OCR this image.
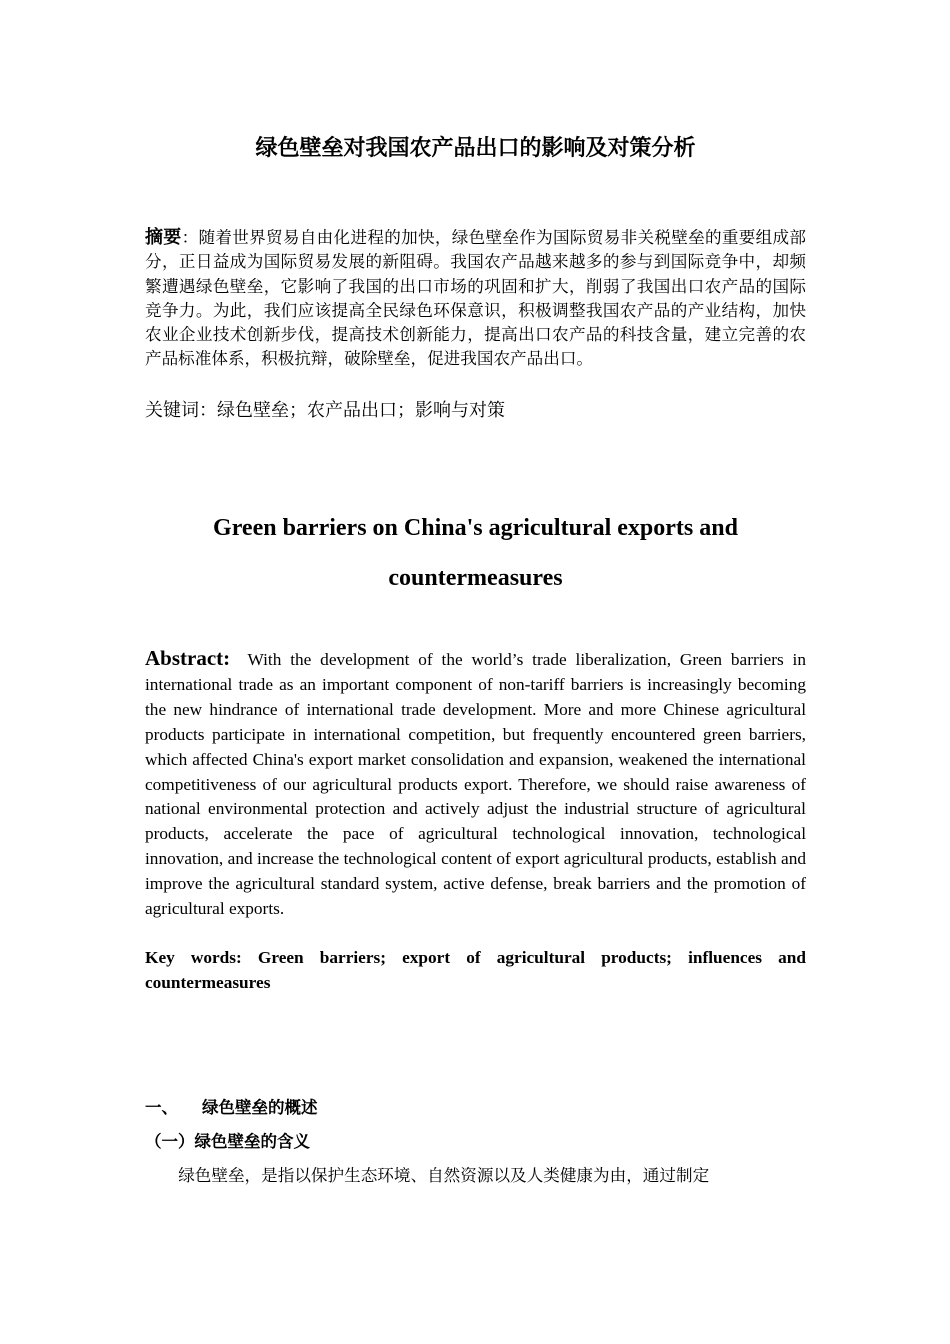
绿色壁垒对我国农产品出口的影响及对策分析
摘要：随着世界贸易自由化进程的加快，绿色壁垒作为国际贸易非关税壁垒的重要组成部分，正日益成为国际贸易发展的新阻碍。我国农产品越来越多的参与到国际竞争中，却频繁遭遇绿色壁垒，它影响了我国的出口市场的巩固和扩大，削弱了我国出口农产品的国际竞争力。为此，我们应该提高全民绿色环保意识，积极调整我国农产品的产业结构，加快农业企业技术创新步伐，提高技术创新能力，提高出口农产品的科技含量，建立完善的农产品标准体系，积极抗辩，破除壁垒，促进我国农产品出口。
关键词：绿色壁垒；农产品出口；影响与对策
Green barriers on China's agricultural exports and
countermeasures
Abstract: With the development of the world’s trade liberalization, Green barriers in international trade as an important component of non-tariff barriers is increasingly becoming the new hindrance of international trade development. More and more Chinese agricultural products participate in international competition, but frequently encountered green barriers, which affected China's export market consolidation and expansion, weakened the international competitiveness of our agricultural products export. Therefore, we should raise awareness of national environmental protection and actively adjust the industrial structure of agricultural products, accelerate the pace of agricultural technological innovation, technological innovation, and increase the technological content of export agricultural products, establish and improve the agricultural standard system, active defense, break barriers and the promotion of agricultural exports.
Key words: Green barriers; export of agricultural products; influences and countermeasures
一、 绿色壁垒的概述
（一）绿色壁垒的含义
绿色壁垒，是指以保护生态环境、自然资源以及人类健康为由，通过制定
